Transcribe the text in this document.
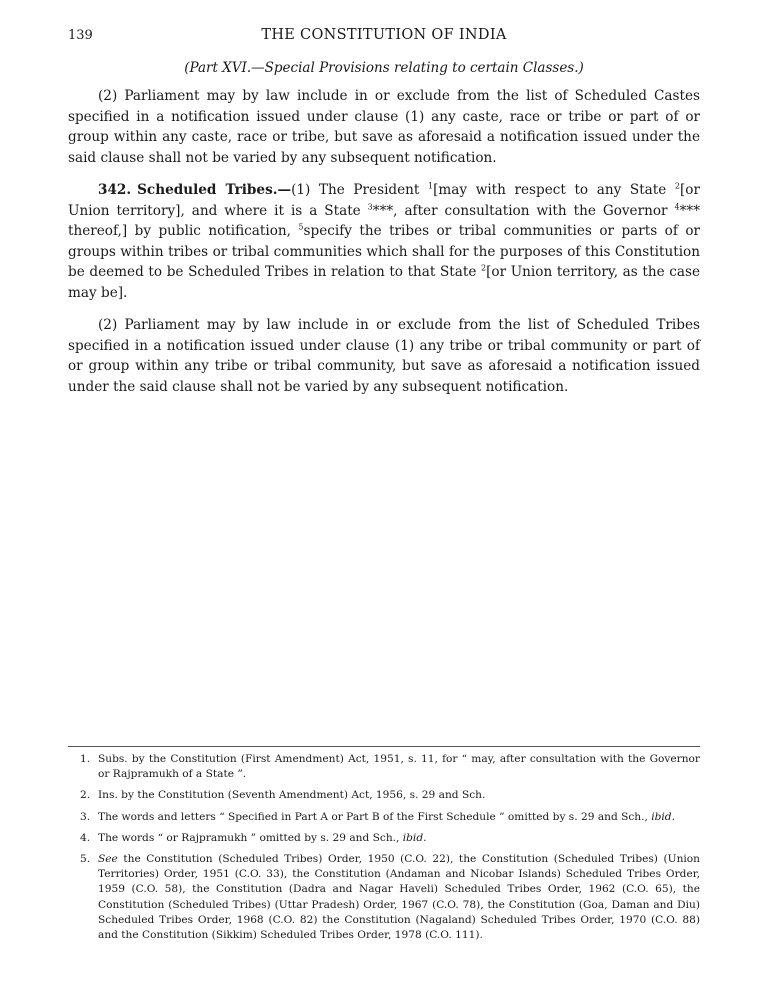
139	THE CONSTITUTION OF INDIA
(Part XVI.—Special Provisions relating to certain Classes.)

(2) Parliament may by law include in or exclude from the list of Scheduled Castes specified in a notification issued under clause (1) any caste, race or tribe or part of or group within any caste, race or tribe, but save as aforesaid a notification issued under the said clause shall not be varied by any subsequent notification.

342. Scheduled Tribes.—(1) The President $^1$[may with respect to any State $^2$[or Union territory], and where it is a State $^3$***, after consultation with the Governor $^4$*** thereof,] by public notification, $^5$specify the tribes or tribal communities or parts of or groups within tribes or tribal communities which shall for the purposes of this Constitution be deemed to be Scheduled Tribes in relation to that State $^2$[or Union territory, as the case may be].

(2) Parliament may by law include in or exclude from the list of Scheduled Tribes specified in a notification issued under clause (1) any tribe or tribal community or part of or group within any tribe or tribal community, but save as aforesaid a notification issued under the said clause shall not be varied by any subsequent notification.

1. Subs. by the Constitution (First Amendment) Act, 1951, s. 11, for “ may, after consultation with the Governor or Rajpramukh of a State ”.
2. Ins. by the Constitution (Seventh Amendment) Act, 1956, s. 29 and Sch.
3. The words and letters “ Specified in Part A or Part B of the First Schedule ” omitted by s. 29 and Sch., ibid.
4. The words “ or Rajpramukh ” omitted by s. 29 and Sch., ibid.
5. See the Constitution (Scheduled Tribes) Order, 1950 (C.O. 22), the Constitution (Scheduled Tribes) (Union Territories) Order, 1951 (C.O. 33), the Constitution (Andaman and Nicobar Islands) Scheduled Tribes Order, 1959 (C.O. 58), the Constitution (Dadra and Nagar Haveli) Scheduled Tribes Order, 1962 (C.O. 65), the Constitution (Scheduled Tribes) (Uttar Pradesh) Order, 1967 (C.O. 78), the Constitution (Goa, Daman and Diu) Scheduled Tribes Order, 1968 (C.O. 82) the Constitution (Nagaland) Scheduled Tribes Order, 1970 (C.O. 88) and the Constitution (Sikkim) Scheduled Tribes Order, 1978 (C.O. 111).
